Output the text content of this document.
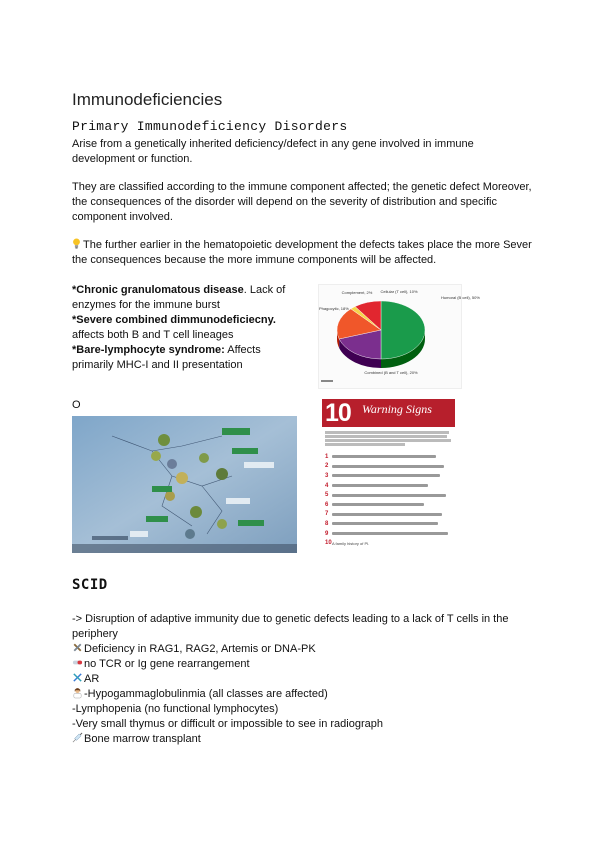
Immunodeficiencies
Primary Immunodeficiency Disorders
Arise from a genetically inherited deficiency/defect in any gene involved in immune development or function.
They are classified according to the immune component affected; the genetic defect Moreover, the consequences of the disorder will depend on the severity of distribution and specific component involved.
The further earlier in the hematopoietic development the defects takes place the more Sever the consequences because the more immune components will be affected.
*Chronic granulomatous disease. Lack of enzymes for the immune burst
*Severe combined dimmunodeficiecny. affects both B and T cell lineages
*Bare-lymphocyte syndrome: Affects primarily MHC-I and II presentation
Humoral (B cell), 50%
Combined (B and T cell), 20%
Phagocytic, 18%
Complement, 2% Cellular (T cell), 10%
O	10 Warning Signs
1
2
3
4
5
6
7
8
9
10 A family history of PI.
SCID
-> Disruption of adaptive immunity due to genetic defects leading to a lack of T cells in the periphery
Deficiency in RAG1, RAG2, Artemis or DNA-PK
no TCR or Ig gene rearrangement
AR
-Hypogammaglobulinmia (all classes are affected)
-Lymphopenia (no functional lymphocytes)
-Very small thymus or difficult or impossible to see in radiograph
Bone marrow transplant
